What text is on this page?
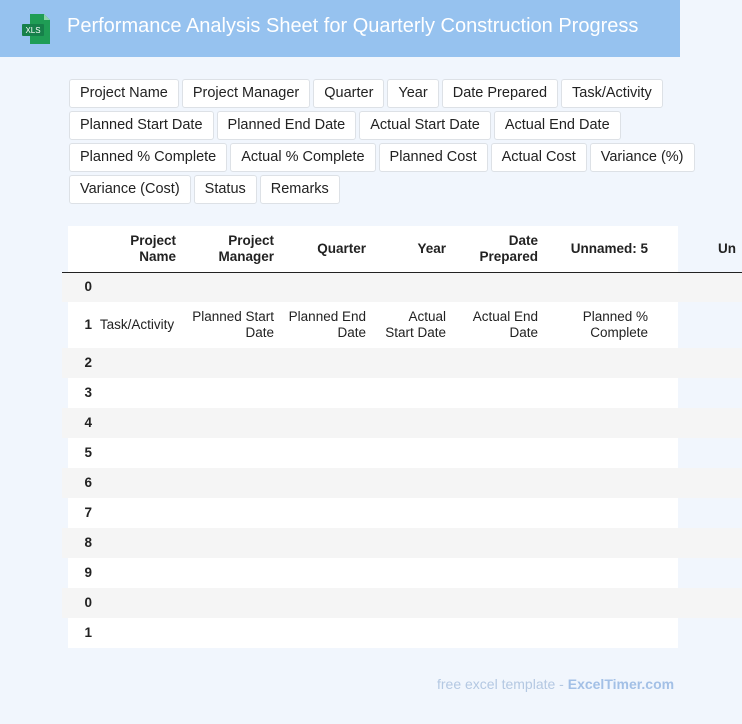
XLS Performance Analysis Sheet for Quarterly Construction Progress
Project Name	Project Manager	Quarter	Year	Date Prepared	Task/Activity
Planned Start Date	Planned End Date	Actual Start Date	Actual End Date
Planned % Complete	Actual % Complete	Planned Cost	Actual Cost	Variance (%)
Variance (Cost)	Status	Remarks
	Project Name	Project Manager	Quarter	Year	Date Prepared	Unnamed: 5	Un
0							
1	Task/Activity	Planned Start Date	Planned End Date	Actual Start Date	Actual End Date	Planned % Complete	
2							
3							
4							
5							
6							
7							
8							
9							
0							
1							
free excel template - ExcelTimer.com
